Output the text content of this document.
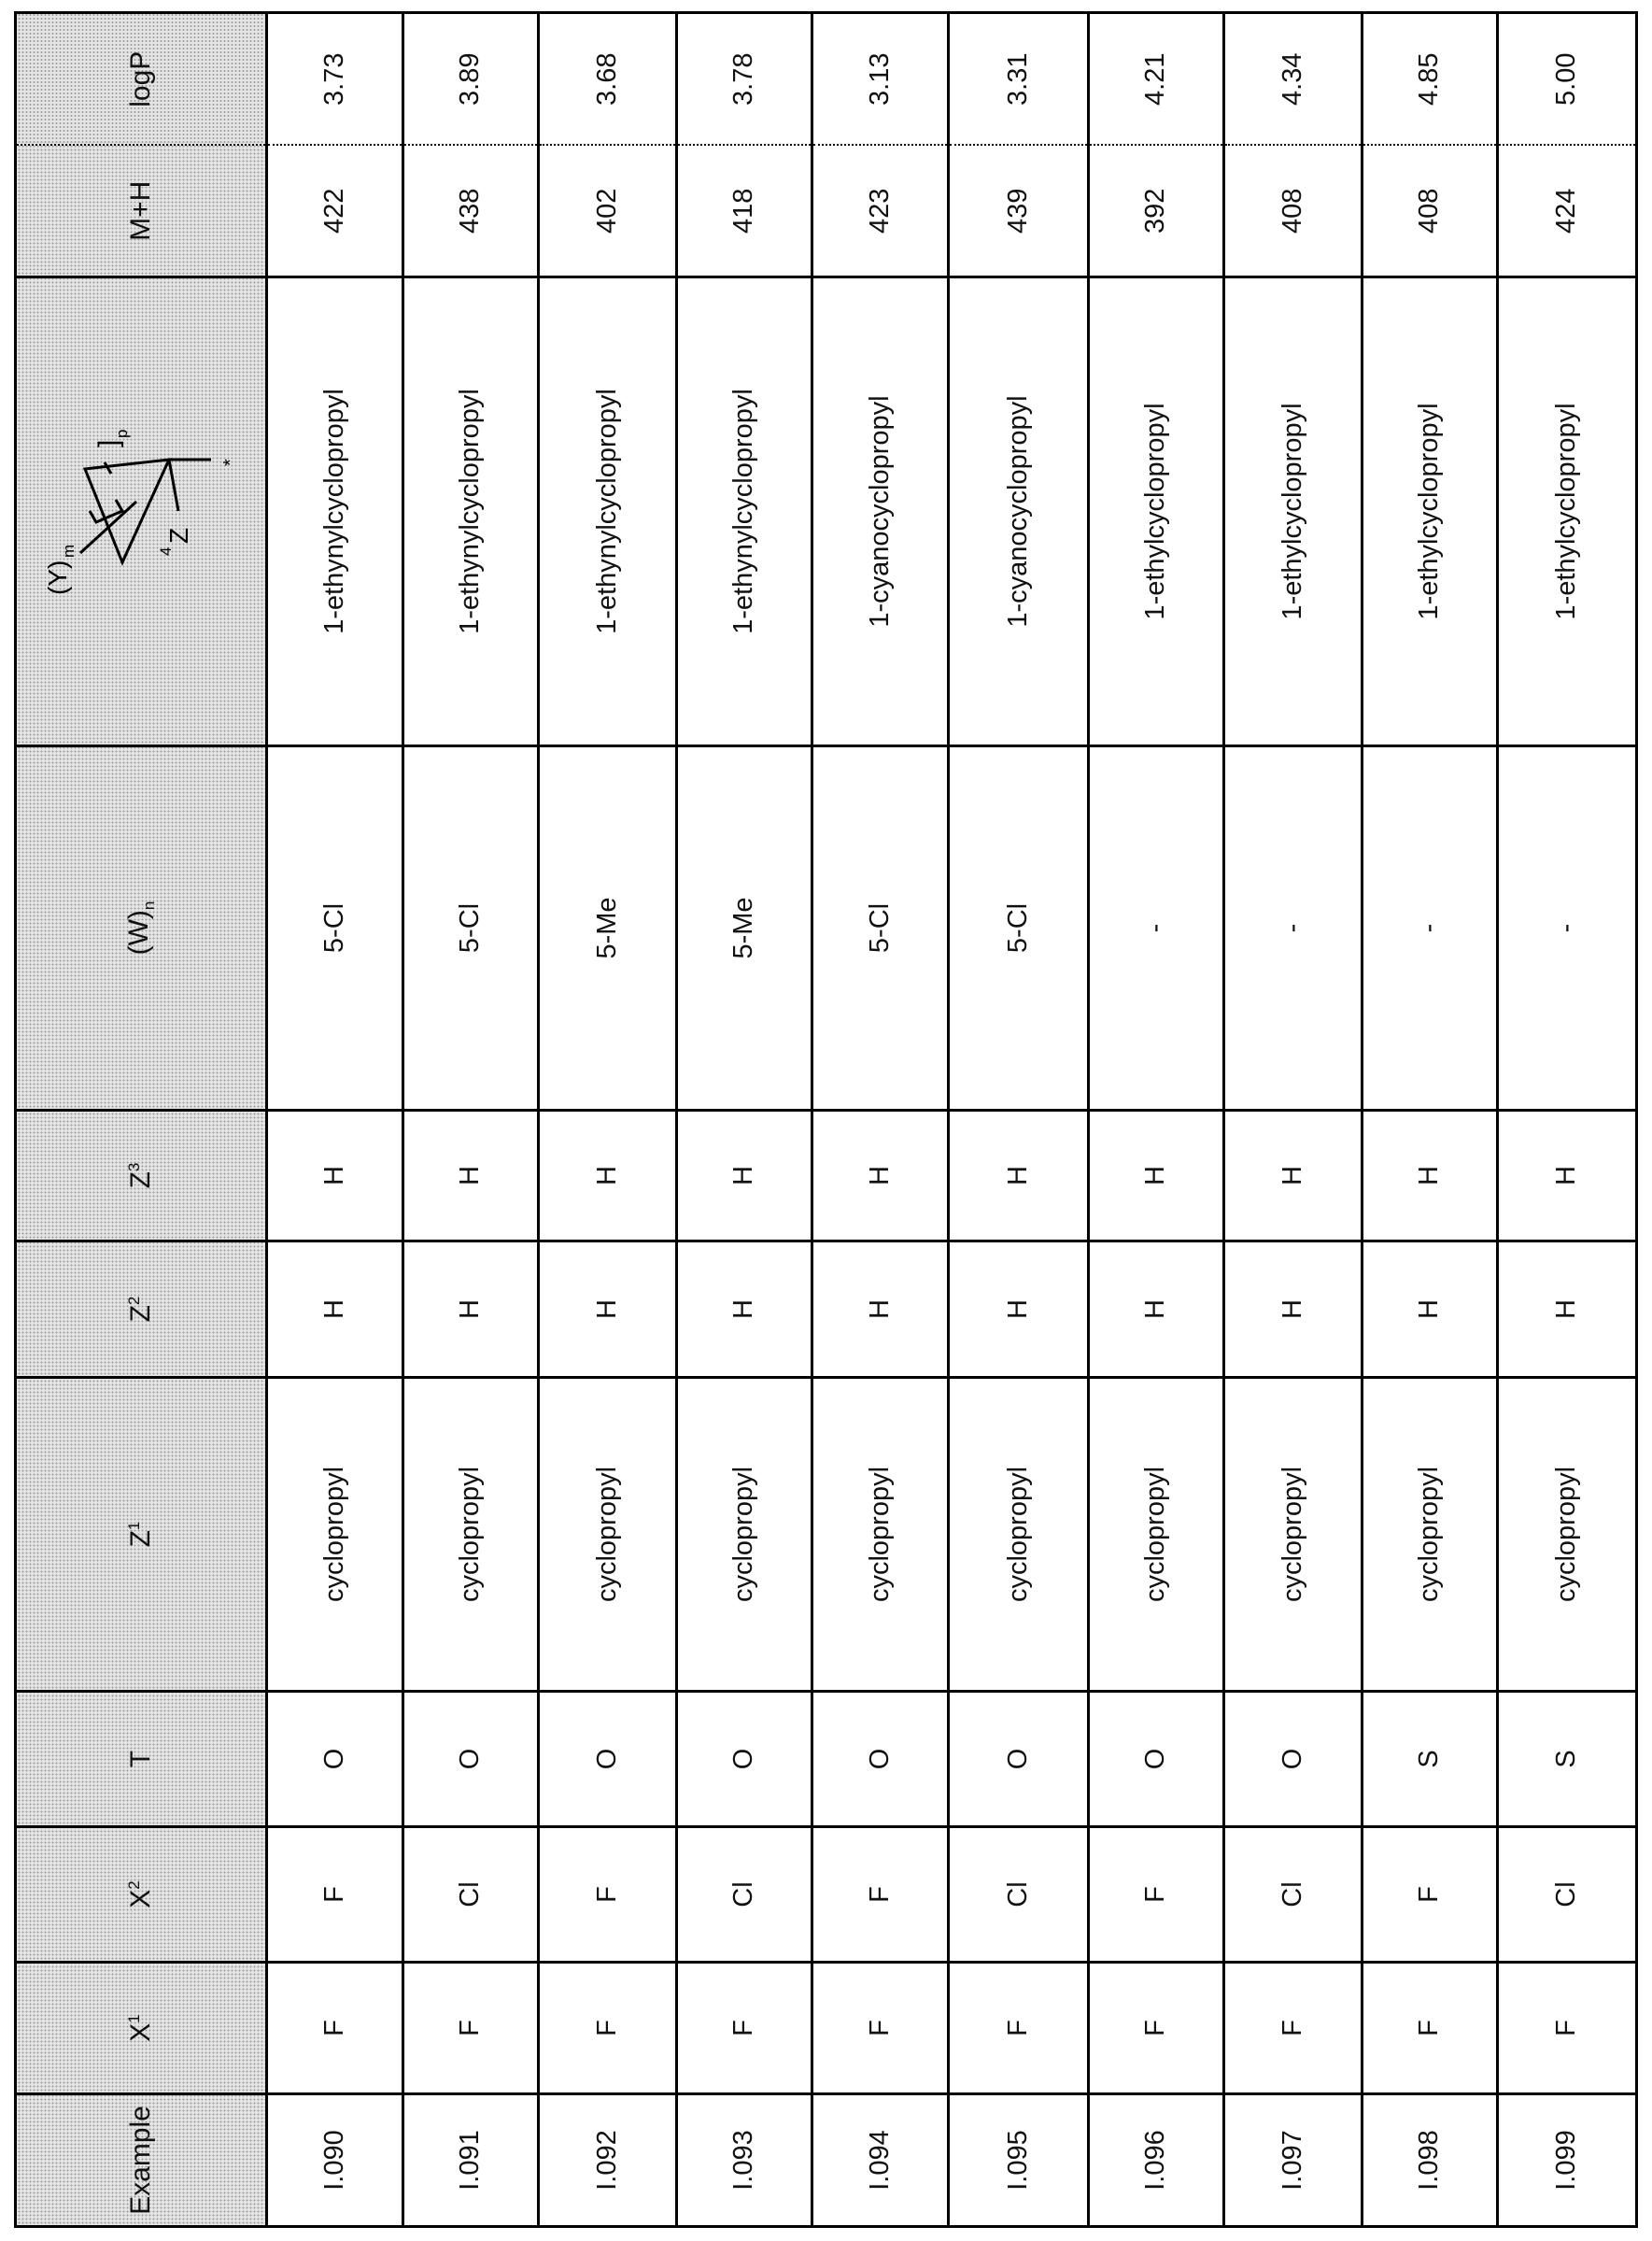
Example	X1	X2	T	Z1	Z2	Z3	(W)n	
(Y)
m
]
p
Z
4
*
	M+H	logP
I.090	F	F	O	cyclopropyl	H	H	5-Cl	1-ethynylcyclopropyl	422	3.73
I.091	F	Cl	O	cyclopropyl	H	H	5-Cl	1-ethynylcyclopropyl	438	3.89
I.092	F	F	O	cyclopropyl	H	H	5-Me	1-ethynylcyclopropyl	402	3.68
I.093	F	Cl	O	cyclopropyl	H	H	5-Me	1-ethynylcyclopropyl	418	3.78
I.094	F	F	O	cyclopropyl	H	H	5-Cl	1-cyanocyclopropyl	423	3.13
I.095	F	Cl	O	cyclopropyl	H	H	5-Cl	1-cyanocyclopropyl	439	3.31
I.096	F	F	O	cyclopropyl	H	H	-	1-ethylcyclopropyl	392	4.21
I.097	F	Cl	O	cyclopropyl	H	H	-	1-ethylcyclopropyl	408	4.34
I.098	F	F	S	cyclopropyl	H	H	-	1-ethylcyclopropyl	408	4.85
I.099	F	Cl	S	cyclopropyl	H	H	-	1-ethylcyclopropyl	424	5.00
